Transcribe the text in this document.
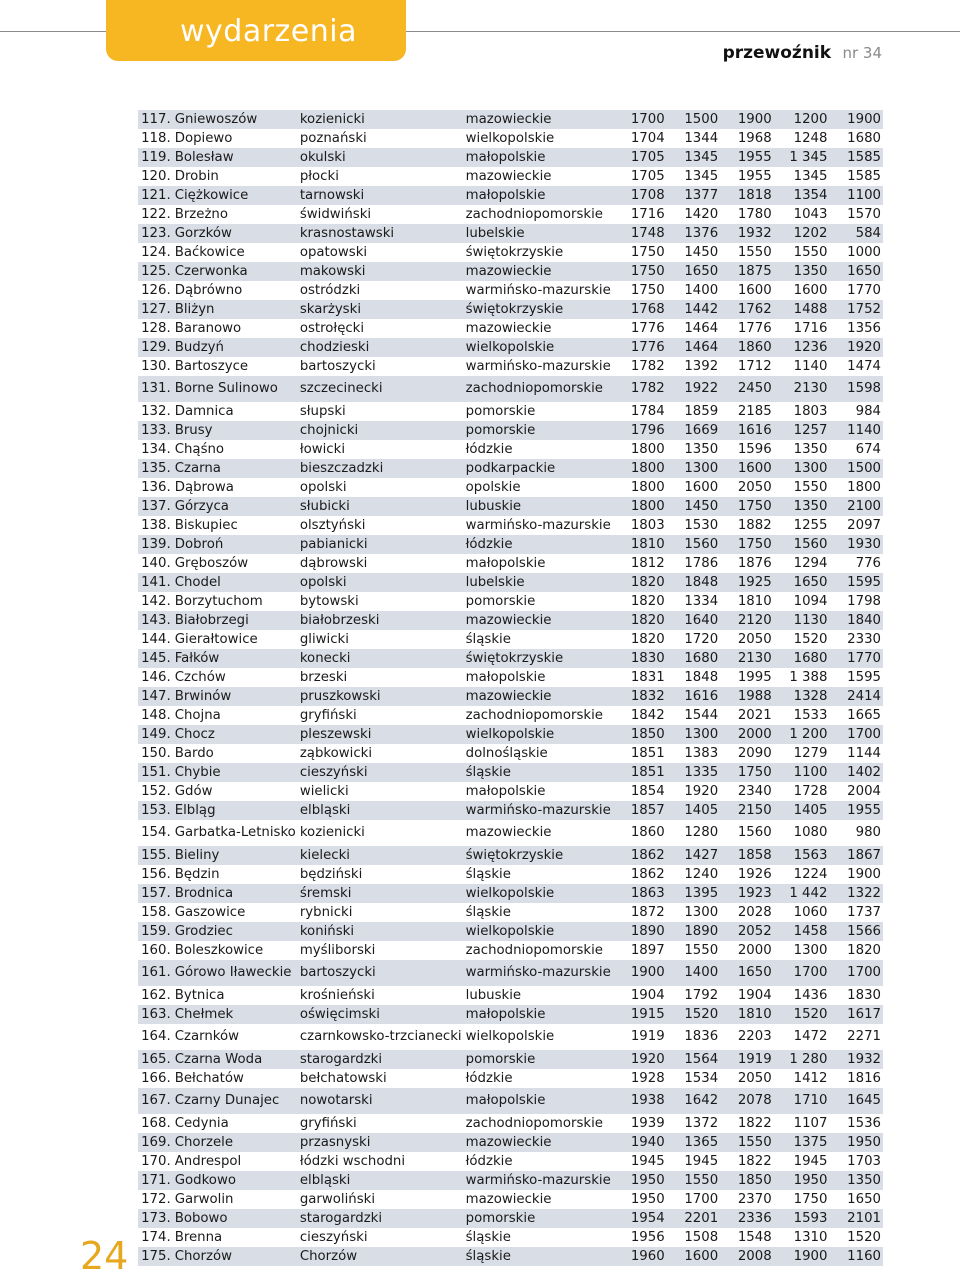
wydarzenia
przewoźnik nr 34
117.	Gniewoszów	kozienicki	mazowieckie	1700	1500	1900	1200	1900
118.	Dopiewo	poznański	wielkopolskie	1704	1344	1968	1248	1680
119.	Bolesław	okulski	małopolskie	1705	1345	1955	1 345	1585
120.	Drobin	płocki	mazowieckie	1705	1345	1955	1345	1585
121.	Ciężkowice	tarnowski	małopolskie	1708	1377	1818	1354	1100
122.	Brzeżno	świdwiński	zachodniopomorskie	1716	1420	1780	1043	1570
123.	Gorzków	krasnostawski	lubelskie	1748	1376	1932	1202	584
124.	Baćkowice	opatowski	świętokrzyskie	1750	1450	1550	1550	1000
125.	Czerwonka	makowski	mazowieckie	1750	1650	1875	1350	1650
126.	Dąbrówno	ostródzki	warmińsko-mazurskie	1750	1400	1600	1600	1770
127.	Bliżyn	skarżyski	świętokrzyskie	1768	1442	1762	1488	1752
128.	Baranowo	ostrołęcki	mazowieckie	1776	1464	1776	1716	1356
129.	Budzyń	chodzieski	wielkopolskie	1776	1464	1860	1236	1920
130.	Bartoszyce	bartoszycki	warmińsko-mazurskie	1782	1392	1712	1140	1474
131.	Borne Sulinowo	szczecinecki	zachodniopomorskie	1782	1922	2450	2130	1598
132.	Damnica	słupski	pomorskie	1784	1859	2185	1803	984
133.	Brusy	chojnicki	pomorskie	1796	1669	1616	1257	1140
134.	Chąśno	łowicki	łódzkie	1800	1350	1596	1350	674
135.	Czarna	bieszczadzki	podkarpackie	1800	1300	1600	1300	1500
136.	Dąbrowa	opolski	opolskie	1800	1600	2050	1550	1800
137.	Górzyca	słubicki	lubuskie	1800	1450	1750	1350	2100
138.	Biskupiec	olsztyński	warmińsko-mazurskie	1803	1530	1882	1255	2097
139.	Dobroń	pabianicki	łódzkie	1810	1560	1750	1560	1930
140.	Gręboszów	dąbrowski	małopolskie	1812	1786	1876	1294	776
141.	Chodel	opolski	lubelskie	1820	1848	1925	1650	1595
142.	Borzytuchom	bytowski	pomorskie	1820	1334	1810	1094	1798
143.	Białobrzegi	białobrzeski	mazowieckie	1820	1640	2120	1130	1840
144.	Gierałtowice	gliwicki	śląskie	1820	1720	2050	1520	2330
145.	Fałków	konecki	świętokrzyskie	1830	1680	2130	1680	1770
146.	Czchów	brzeski	małopolskie	1831	1848	1995	1 388	1595
147.	Brwinów	pruszkowski	mazowieckie	1832	1616	1988	1328	2414
148.	Chojna	gryfiński	zachodniopomorskie	1842	1544	2021	1533	1665
149.	Chocz	pleszewski	wielkopolskie	1850	1300	2000	1 200	1700
150.	Bardo	ząbkowicki	dolnośląskie	1851	1383	2090	1279	1144
151.	Chybie	cieszyński	śląskie	1851	1335	1750	1100	1402
152.	Gdów	wielicki	małopolskie	1854	1920	2340	1728	2004
153.	Elbląg	elbląski	warmińsko-mazurskie	1857	1405	2150	1405	1955
154.	Garbatka-Letnisko	kozienicki	mazowieckie	1860	1280	1560	1080	980
155.	Bieliny	kielecki	świętokrzyskie	1862	1427	1858	1563	1867
156.	Będzin	będziński	śląskie	1862	1240	1926	1224	1900
157.	Brodnica	śremski	wielkopolskie	1863	1395	1923	1 442	1322
158.	Gaszowice	rybnicki	śląskie	1872	1300	2028	1060	1737
159.	Grodziec	koniński	wielkopolskie	1890	1890	2052	1458	1566
160.	Boleszkowice	myśliborski	zachodniopomorskie	1897	1550	2000	1300	1820
161.	Górowo Iławeckie	bartoszycki	warmińsko-mazurskie	1900	1400	1650	1700	1700
162.	Bytnica	krośnieński	lubuskie	1904	1792	1904	1436	1830
163.	Chełmek	oświęcimski	małopolskie	1915	1520	1810	1520	1617
164.	Czarnków	czarnkowsko-trzcianecki	wielkopolskie	1919	1836	2203	1472	2271
165.	Czarna Woda	starogardzki	pomorskie	1920	1564	1919	1 280	1932
166.	Bełchatów	bełchatowski	łódzkie	1928	1534	2050	1412	1816
167.	Czarny Dunajec	nowotarski	małopolskie	1938	1642	2078	1710	1645
168.	Cedynia	gryfiński	zachodniopomorskie	1939	1372	1822	1107	1536
169.	Chorzele	przasnyski	mazowieckie	1940	1365	1550	1375	1950
170.	Andrespol	łódzki wschodni	łódzkie	1945	1945	1822	1945	1703
171.	Godkowo	elbląski	warmińsko-mazurskie	1950	1550	1850	1950	1350
172.	Garwolin	garwoliński	mazowieckie	1950	1700	2370	1750	1650
173.	Bobowo	starogardzki	pomorskie	1954	2201	2336	1593	2101
174.	Brenna	cieszyński	śląskie	1956	1508	1548	1310	1520
175.	Chorzów	Chorzów	śląskie	1960	1600	2008	1900	1160
24
